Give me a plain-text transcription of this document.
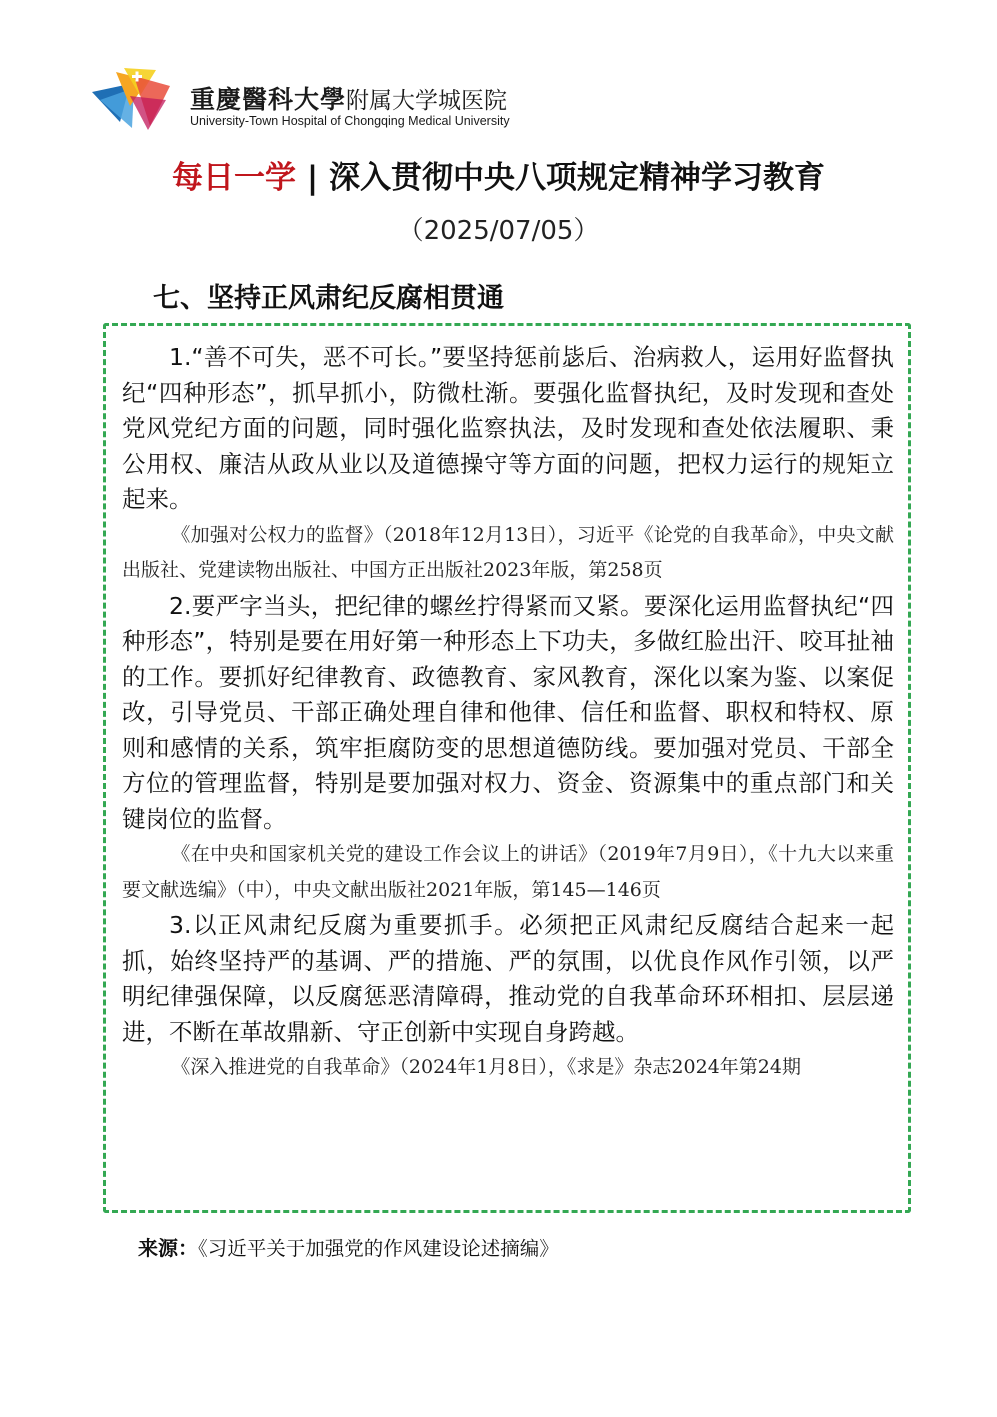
重慶醫科大學附属大学城医院
University-Town Hospital of Chongqing Medical University
每日一学 | 深入贯彻中央八项规定精神学习教育
（2025/07/05）
七、坚持正风肃纪反腐相贯通

1.“善不可失，恶不可长。”要坚持惩前毖后、治病救人，运用好监督执纪“四种形态”，抓早抓小，防微杜渐。要强化监督执纪，及时发现和查处党风党纪方面的问题，同时强化监察执法，及时发现和查处依法履职、秉公用权、廉洁从政从业以及道德操守等方面的问题，把权力运行的规矩立起来。

《加强对公权力的监督》（2018年12月13日），习近平《论党的自我革命》，中央文献出版社、党建读物出版社、中国方正出版社2023年版，第258页

2.要严字当头，把纪律的螺丝拧得紧而又紧。要深化运用监督执纪“四种形态”，特别是要在用好第一种形态上下功夫，多做红脸出汗、咬耳扯袖的工作。要抓好纪律教育、政德教育、家风教育，深化以案为鉴、以案促改，引导党员、干部正确处理自律和他律、信任和监督、职权和特权、原则和感情的关系，筑牢拒腐防变的思想道德防线。要加强对党员、干部全方位的管理监督，特别是要加强对权力、资金、资源集中的重点部门和关键岗位的监督。

《在中央和国家机关党的建设工作会议上的讲话》（2019年7月9日），《十九大以来重要文献选编》（中），中央文献出版社2021年版，第145—146页

3.以正风肃纪反腐为重要抓手。必须把正风肃纪反腐结合起来一起抓，始终坚持严的基调、严的措施、严的氛围，以优良作风作引领，以严明纪律强保障，以反腐惩恶清障碍，推动党的自我革命环环相扣、层层递进，不断在革故鼎新、守正创新中实现自身跨越。

《深入推进党的自我革命》（2024年1月8日），《求是》杂志2024年第24期

来源：《习近平关于加强党的作风建设论述摘编》
